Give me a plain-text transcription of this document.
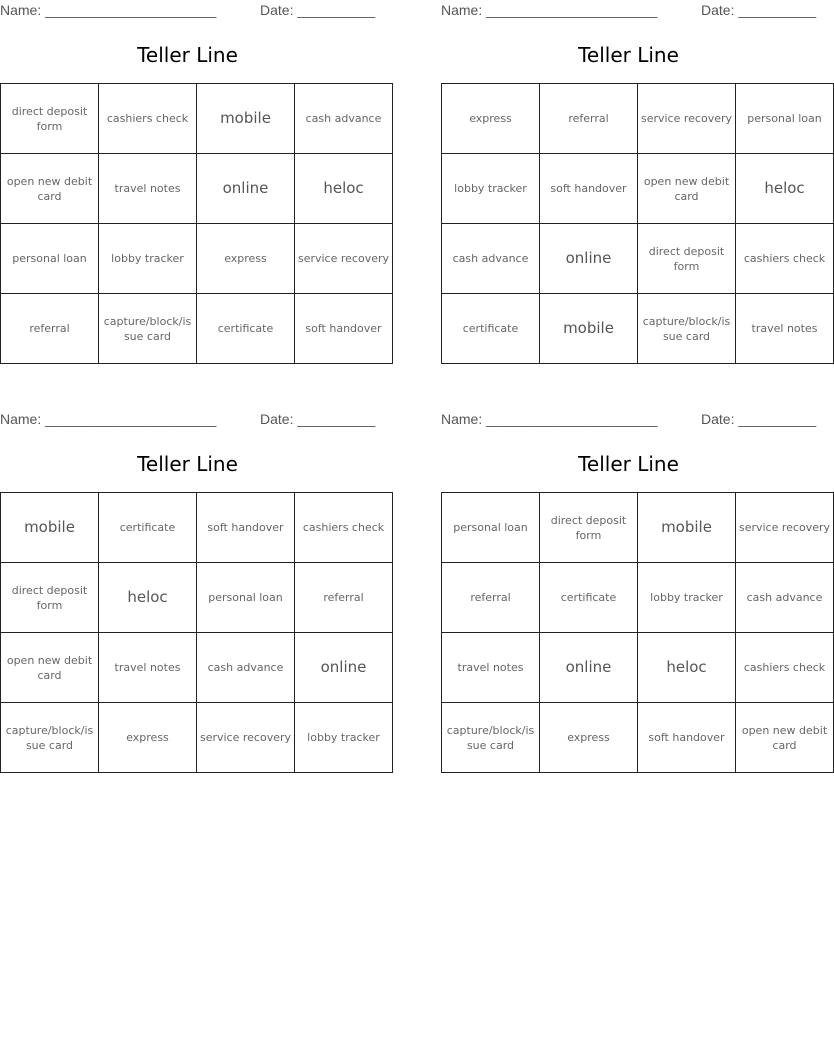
Name: ______________________	Date: __________
Teller Line
direct deposit form	cashiers check	mobile	cash advance
open new debit card	travel notes	online	heloc
personal loan	lobby tracker	express	service recovery
referral	capture/block/issue card	certificate	soft handover
Name: ______________________	Date: __________
Teller Line
express	referral	service recovery	personal loan
lobby tracker	soft handover	open new debit card	heloc
cash advance	online	direct deposit form	cashiers check
certificate	mobile	capture/block/issue card	travel notes
Name: ______________________	Date: __________
Teller Line
mobile	certificate	soft handover	cashiers check
direct deposit form	heloc	personal loan	referral
open new debit card	travel notes	cash advance	online
capture/block/issue card	express	service recovery	lobby tracker
Name: ______________________	Date: __________
Teller Line
personal loan	direct deposit form	mobile	service recovery
referral	certificate	lobby tracker	cash advance
travel notes	online	heloc	cashiers check
capture/block/issue card	express	soft handover	open new debit card
